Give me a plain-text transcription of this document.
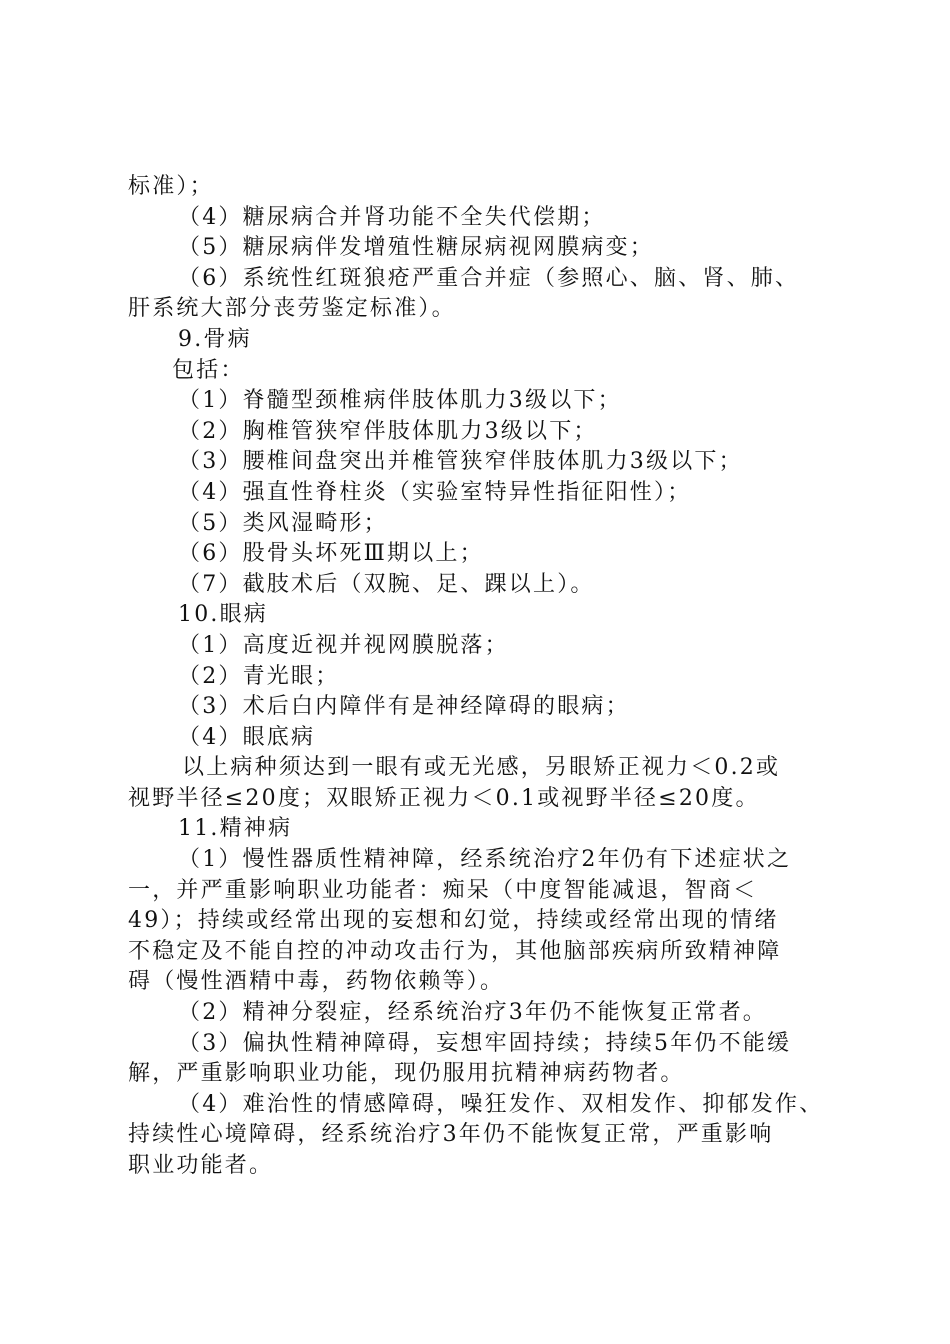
标准）；
（4）糖尿病合并肾功能不全失代偿期；
（5）糖尿病伴发增殖性糖尿病视网膜病变；
（6）系统性红斑狼疮严重合并症（参照心、脑、肾、肺、
肝系统大部分丧劳鉴定标准）。
9.骨病
包括：
（1）脊髓型颈椎病伴肢体肌力3级以下；
（2）胸椎管狭窄伴肢体肌力3级以下；
（3）腰椎间盘突出并椎管狭窄伴肢体肌力3级以下；
（4）强直性脊柱炎（实验室特异性指征阳性）；
（5）类风湿畸形；
（6）股骨头坏死Ⅲ期以上；
（7）截肢术后（双腕、足、踝以上）。
10.眼病
（1）高度近视并视网膜脱落；
（2）青光眼；
（3）术后白内障伴有是神经障碍的眼病；
（4）眼底病
以上病种须达到一眼有或无光感，另眼矫正视力＜0.2或
视野半径≤20度；双眼矫正视力＜0.1或视野半径≤20度。
11.精神病
（1）慢性器质性精神障，经系统治疗2年仍有下述症状之
一，并严重影响职业功能者：痴呆（中度智能减退，智商＜
49）；持续或经常出现的妄想和幻觉，持续或经常出现的情绪
不稳定及不能自控的冲动攻击行为，其他脑部疾病所致精神障
碍（慢性酒精中毒，药物依赖等）。
（2）精神分裂症，经系统治疗3年仍不能恢复正常者。
（3）偏执性精神障碍，妄想牢固持续；持续5年仍不能缓
解，严重影响职业功能，现仍服用抗精神病药物者。
（4）难治性的情感障碍，噪狂发作、双相发作、抑郁发作、
持续性心境障碍，经系统治疗3年仍不能恢复正常，严重影响
职业功能者。
